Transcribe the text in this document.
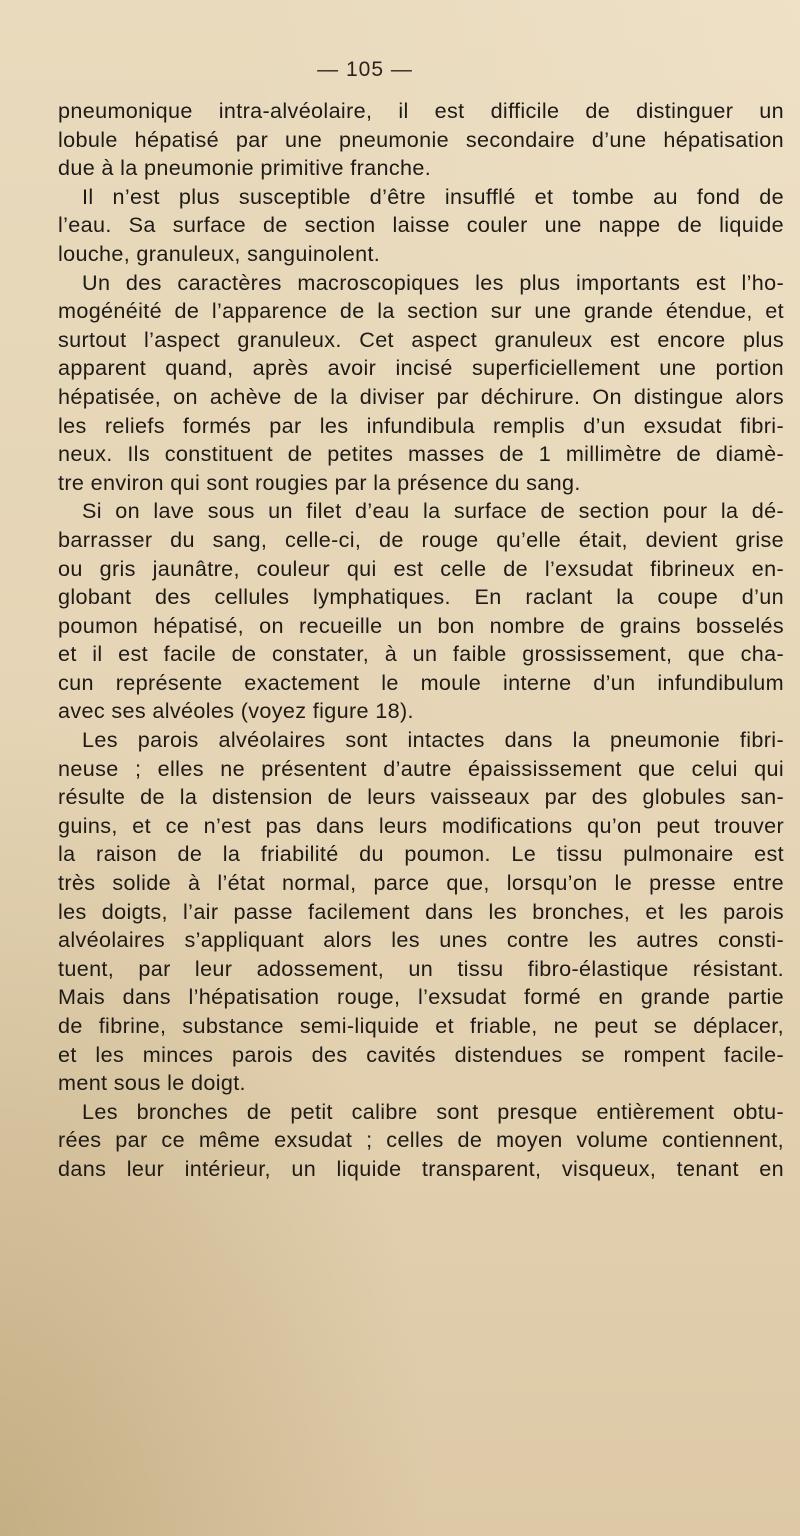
— 105 —
pneumonique intra-alvéolaire, il est difficile de distinguer un
lobule hépatisé par une pneumonie secondaire d’une hépatisation
due à la pneumonie primitive franche.
Il n’est plus susceptible d’être insufflé et tombe au fond de
l’eau. Sa surface de section laisse couler une nappe de liquide
louche, granuleux, sanguinolent.
Un des caractères macroscopiques les plus importants est l’ho-
mogénéité de l’apparence de la section sur une grande étendue, et
surtout l’aspect granuleux. Cet aspect granuleux est encore plus
apparent quand, après avoir incisé superficiellement une portion
hépatisée, on achève de la diviser par déchirure. On distingue alors
les reliefs formés par les infundibula remplis d’un exsudat fibri-
neux. Ils constituent de petites masses de 1 millimètre de diamè-
tre environ qui sont rougies par la présence du sang.
Si on lave sous un filet d’eau la surface de section pour la dé-
barrasser du sang, celle-ci, de rouge qu’elle était, devient grise
ou gris jaunâtre, couleur qui est celle de l’exsudat fibrineux en-
globant des cellules lymphatiques. En raclant la coupe d’un
poumon hépatisé, on recueille un bon nombre de grains bosselés
et il est facile de constater, à un faible grossissement, que cha-
cun représente exactement le moule interne d’un infundibulum
avec ses alvéoles (voyez figure 18).
Les parois alvéolaires sont intactes dans la pneumonie fibri-
neuse ; elles ne présentent d’autre épaississement que celui qui
résulte de la distension de leurs vaisseaux par des globules san-
guins, et ce n’est pas dans leurs modifications qu’on peut trouver
la raison de la friabilité du poumon. Le tissu pulmonaire est
très solide à l’état normal, parce que, lorsqu’on le presse entre
les doigts, l’air passe facilement dans les bronches, et les parois
alvéolaires s’appliquant alors les unes contre les autres consti-
tuent, par leur adossement, un tissu fibro-élastique résistant.
Mais dans l’hépatisation rouge, l’exsudat formé en grande partie
de fibrine, substance semi-liquide et friable, ne peut se déplacer,
et les minces parois des cavités distendues se rompent facile-
ment sous le doigt.
Les bronches de petit calibre sont presque entièrement obtu-
rées par ce même exsudat ; celles de moyen volume contiennent,
dans leur intérieur, un liquide transparent, visqueux, tenant en
